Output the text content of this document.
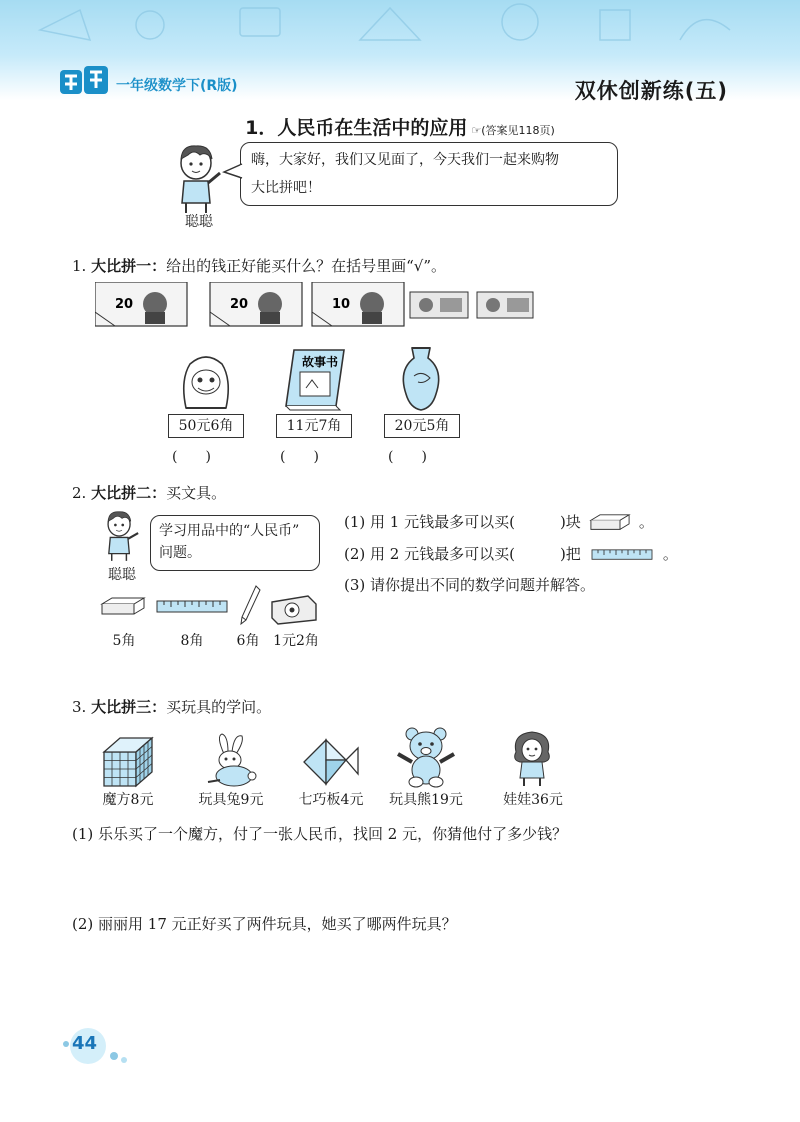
一年级数学下(R版)	双休创新练(五)
1．人民币在生活中的应用 ☞(答案见118页)
聪聪
嗨，大家好，我们又见面了，今天我们一起来购物
大比拼吧！
1. 大比拼一：给出的钱正好能买什么？在括号里画“√”。
20	20	10
故事书
50元6角	11元7角	20元5角
(　　)	(　　)	(　　)
2. 大比拼二：买文具。
聪聪
学习用品中的“人民币”
问题。
5角	8角	6角 1元2角
(1) 用 1 元钱最多可以买(　　　)块	。
(2) 用 2 元钱最多可以买(　　　)把	。
(3) 请你提出不同的数学问题并解答。
3. 大比拼三：买玩具的学问。
魔方8元	玩具兔9元	七巧板4元	玩具熊19元	娃娃36元
(1) 乐乐买了一个魔方，付了一张人民币，找回 2 元，你猜他付了多少钱？
(2) 丽丽用 17 元正好买了两件玩具，她买了哪两件玩具？
44
